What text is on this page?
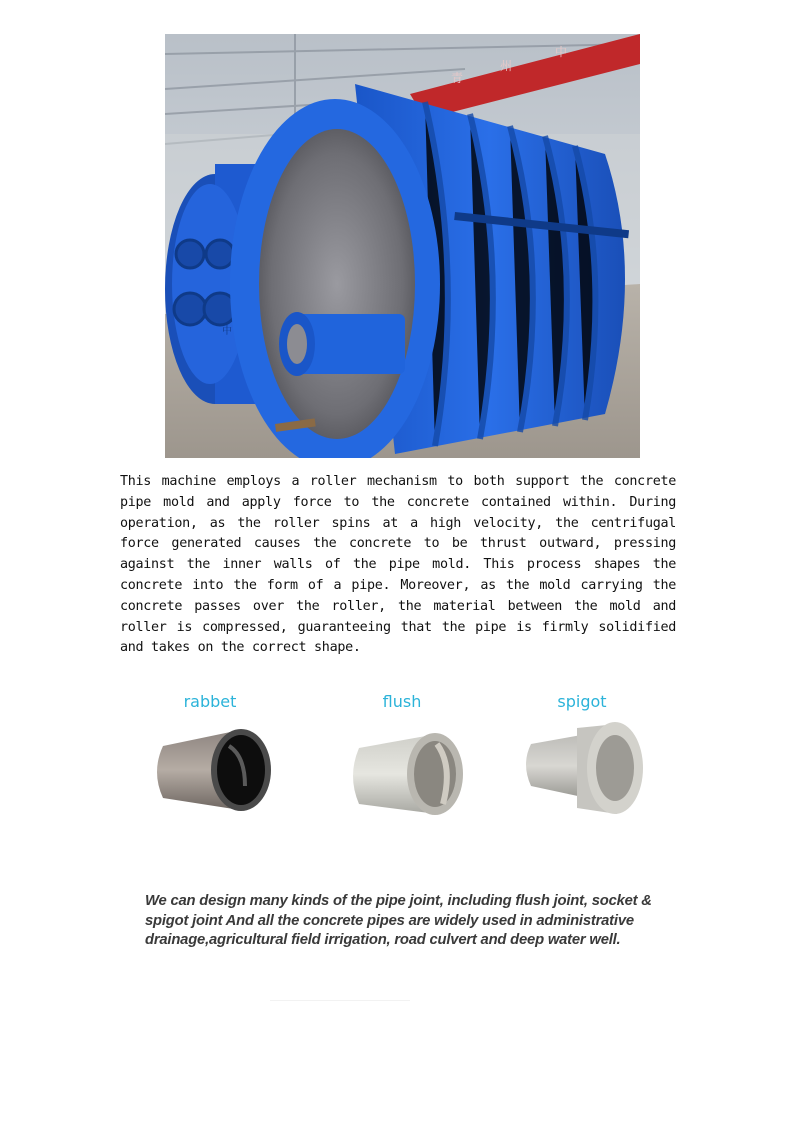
青
州
中
中

This machine employs a roller mechanism to both support the concrete pipe mold and apply force to the concrete contained within. During operation, as the roller spins at a high velocity, the centrifugal force generated causes the concrete to be thrust outward, pressing against the inner walls of the pipe mold. This process shapes the concrete into the form of a pipe. Moreover, as the mold carrying the concrete passes over the roller, the material between the mold and roller is compressed, guaranteeing that the pipe is firmly solidified and takes on the correct shape.

rabbet	flush	spigot

We can design many kinds of the pipe joint, including flush joint, socket & spigot joint And all the concrete pipes are widely used in administrative drainage,agricultural field irrigation, road culvert and deep water well.
